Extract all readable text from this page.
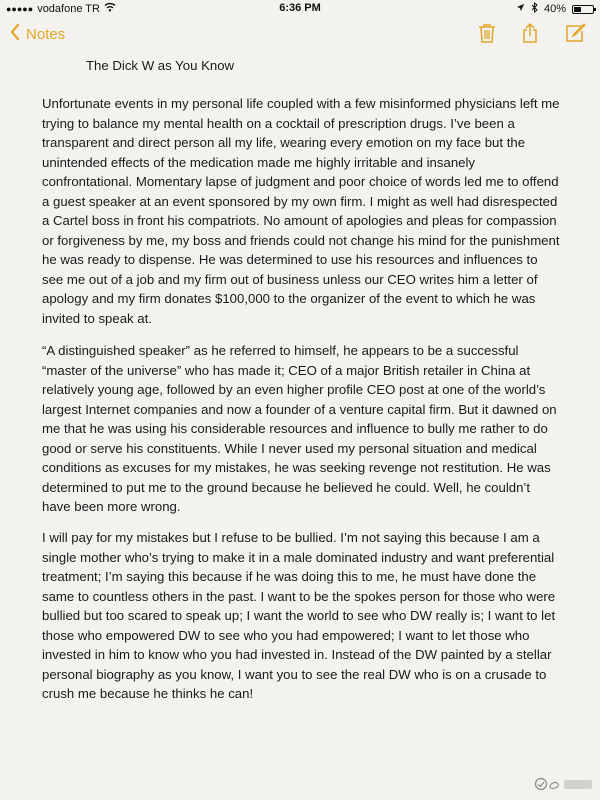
●●●●● vodafone TR	6:36 PM	40%
Notes
The Dick W as You Know

Unfortunate events in my personal life coupled with a few misinformed physicians left me trying to balance my mental health on a cocktail of prescription drugs. I’ve been a transparent and direct person all my life, wearing every emotion on my face but the unintended effects of the medication made me highly irritable and insanely confrontational. Momentary lapse of judgment and poor choice of words led me to offend a guest speaker at an event sponsored by my own firm. I might as well had disrespected a Cartel boss in front his compatriots. No amount of apologies and pleas for compassion or forgiveness by me, my boss and friends could not change his mind for the punishment he was ready to dispense. He was determined to use his resources and influences to see me out of a job and my firm out of business unless our CEO writes him a letter of apology and my firm donates $100,000 to the organizer of the event to which he was invited to speak at.

“A distinguished speaker” as he referred to himself, he appears to be a successful “master of the universe” who has made it; CEO of a major British retailer in China at relatively young age, followed by an even higher profile CEO post at one of the world’s largest Internet companies and now a founder of a venture capital firm. But it dawned on me that he was using his considerable resources and influence to bully me rather to do good or serve his constituents. While I never used my personal situation and medical conditions as excuses for my mistakes, he was seeking revenge not restitution. He was determined to put me to the ground because he believed he could. Well, he couldn’t have been more wrong.

I will pay for my mistakes but I refuse to be bullied. I’m not saying this because I am a single mother who’s trying to make it in a male dominated industry and want preferential treatment; I’m saying this because if he was doing this to me, he must have done the same to countless others in the past. I want to be the spokes person for those who were bullied but too scared to speak up; I want the world to see who DW really is; I want to let those who empowered DW to see who you had empowered; I want to let those who invested in him to know who you had invested in. Instead of the DW painted by a stellar personal biography as you know, I want you to see the real DW who is on a crusade to crush me because he thinks he can!
